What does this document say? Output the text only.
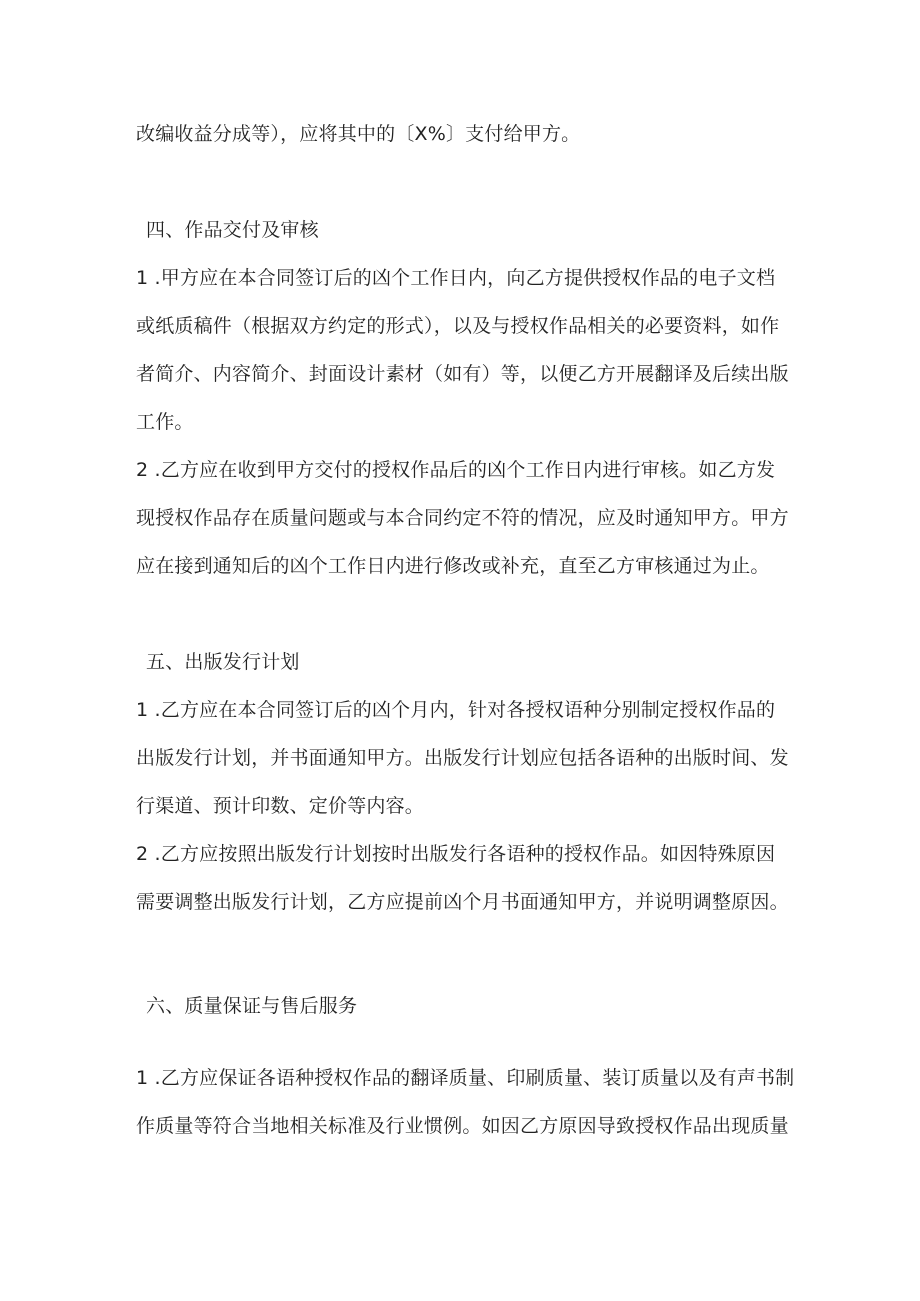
改编收益分成等），应将其中的〔X%〕支付给甲方。
四、作品交付及审核
1 .甲方应在本合同签订后的凶个工作日内，向乙方提供授权作品的电子文档
或纸质稿件（根据双方约定的形式），以及与授权作品相关的必要资料，如作
者简介、内容简介、封面设计素材（如有）等，以便乙方开展翻译及后续出版
工作。
2 .乙方应在收到甲方交付的授权作品后的凶个工作日内进行审核。如乙方发
现授权作品存在质量问题或与本合同约定不符的情况，应及时通知甲方。甲方
应在接到通知后的凶个工作日内进行修改或补充，直至乙方审核通过为止。
五、出版发行计划
1 .乙方应在本合同签订后的凶个月内，针对各授权语种分别制定授权作品的
出版发行计划，并书面通知甲方。出版发行计划应包括各语种的出版时间、发
行渠道、预计印数、定价等内容。
2 .乙方应按照出版发行计划按时出版发行各语种的授权作品。如因特殊原因
需要调整出版发行计划，乙方应提前凶个月书面通知甲方，并说明调整原因。
六、质量保证与售后服务
1 .乙方应保证各语种授权作品的翻译质量、印刷质量、装订质量以及有声书制
作质量等符合当地相关标准及行业惯例。如因乙方原因导致授权作品出现质量
